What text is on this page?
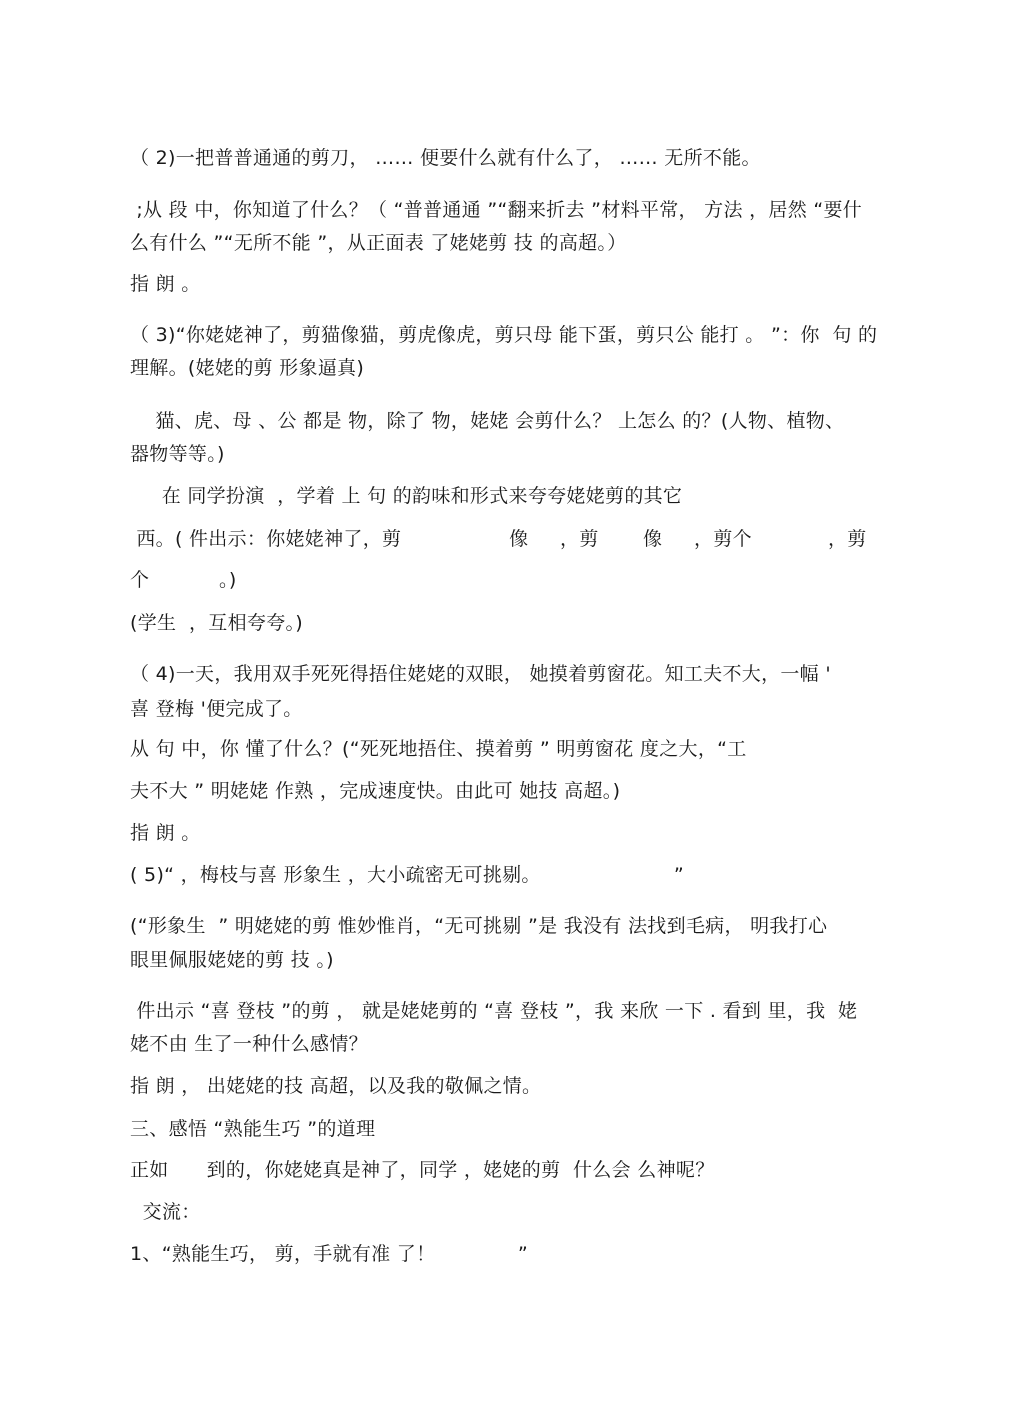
（ 2)一把普普通通的剪刀， …… 便要什么就有什么了， …… 无所不能。
;从 段 中，你知道了什么？（ “普普通通 ”“翻来折去 ”材料平常， 方法 ，居然 “要什
么有什么 ”“无所不能 ”，从正面表 了姥姥剪 技 的高超。）
指 朗 。
（ 3)“你姥姥神了，剪猫像猫，剪虎像虎，剪只母 能下蛋，剪只公 能打 。 ”：你  句 的
理解。(姥姥的剪 形象逼真)
猫、虎、母 、公 都是 物，除了 物，姥姥 会剪什么？ 上怎么 的？(人物、植物、
器物等等。)
在 同学扮演  ，学着 上 句 的韵味和形式来夸夸姥姥剪的其它
西。( 件出示：你姥姥神了，剪                 像     ，剪       像     ，剪个            ，剪
个           。)
(学生  ，互相夸夸。)
（ 4)一天，我用双手死死得捂住姥姥的双眼， 她摸着剪窗花。知工夫不大，一幅 '
喜 登梅 '便完成了。
从 句 中，你 懂了什么？(“死死地捂住、摸着剪 ” 明剪窗花 度之大，“工
夫不大 ” 明姥姥 作熟 ，完成速度快。由此可 她技 高超。)
指 朗 。
( 5)“ ，梅枝与喜 形象生 ，大小疏密无可挑剔。                     ”
(“形象生  ” 明姥姥的剪 惟妙惟肖，“无可挑剔 ”是 我没有 法找到毛病， 明我打心
眼里佩服姥姥的剪 技 。)
件出示 “喜 登枝 ”的剪 ， 就是姥姥剪的 “喜 登枝 ”，我 来欣 一下 . 看到 里，我  姥
姥不由 生了一种什么感情？
指 朗 ， 出姥姥的技 高超，以及我的敬佩之情。
三、感悟 “熟能生巧 ”的道理
正如      到的，你姥姥真是神了，同学 ，姥姥的剪  什么会 么神呢？
交流：
1、“熟能生巧， 剪，手就有准 了！             ”
